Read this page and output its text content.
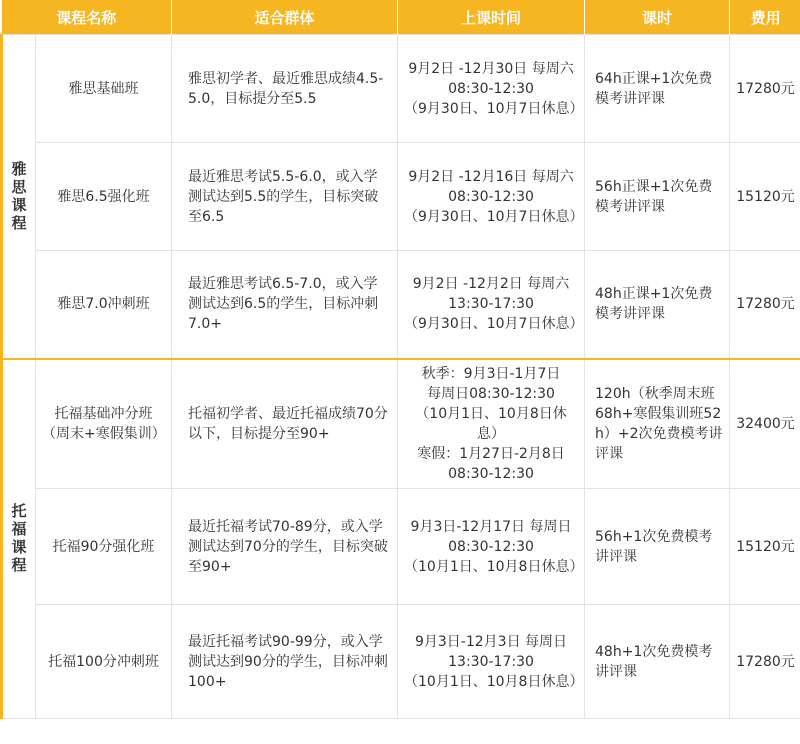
课程名称		适合群体	上课时间	课时	费用
雅思课程	雅思基础班	雅思初学者、最近雅思成绩4.5-5.0，目标提分至5.5	9月2日 -12月30日 每周六
08:30-12:30
（9月30日、10月7日休息）	64h正课+1次免费模考讲评课	17280元
	雅思6.5强化班	最近雅思考试5.5-6.0，或入学测试达到5.5的学生，目标突破至6.5	9月2日 -12月16日 每周六
08:30-12:30
（9月30日、10月7日休息）	56h正课+1次免费模考讲评课	15120元
	雅思7.0冲刺班	最近雅思考试6.5-7.0，或入学测试达到6.5的学生，目标冲刺7.0+	9月2日 -12月2日 每周六
13:30-17:30
（9月30日、10月7日休息）	48h正课+1次免费模考讲评课	17280元
托福课程	托福基础冲分班
（周末+寒假集训）	托福初学者、最近托福成绩70分以下，目标提分至90+	秋季：9月3日-1月7日
每周日08:30-12:30
（10月1日、10月8日休息）
寒假：1月27日-2月8日
08:30-12:30	120h（秋季周末班68h+寒假集训班52h）+2次免费模考讲评课	32400元
	托福90分强化班	最近托福考试70-89分，或入学测试达到70分的学生，目标突破至90+	9月3日-12月17日 每周日
08:30-12:30
（10月1日、10月8日休息）	56h+1次免费模考讲评课	15120元
	托福100分冲刺班	最近托福考试90-99分，或入学测试达到90分的学生，目标冲刺100+	9月3日-12月3日 每周日
13:30-17:30
（10月1日、10月8日休息）	48h+1次免费模考讲评课	17280元
